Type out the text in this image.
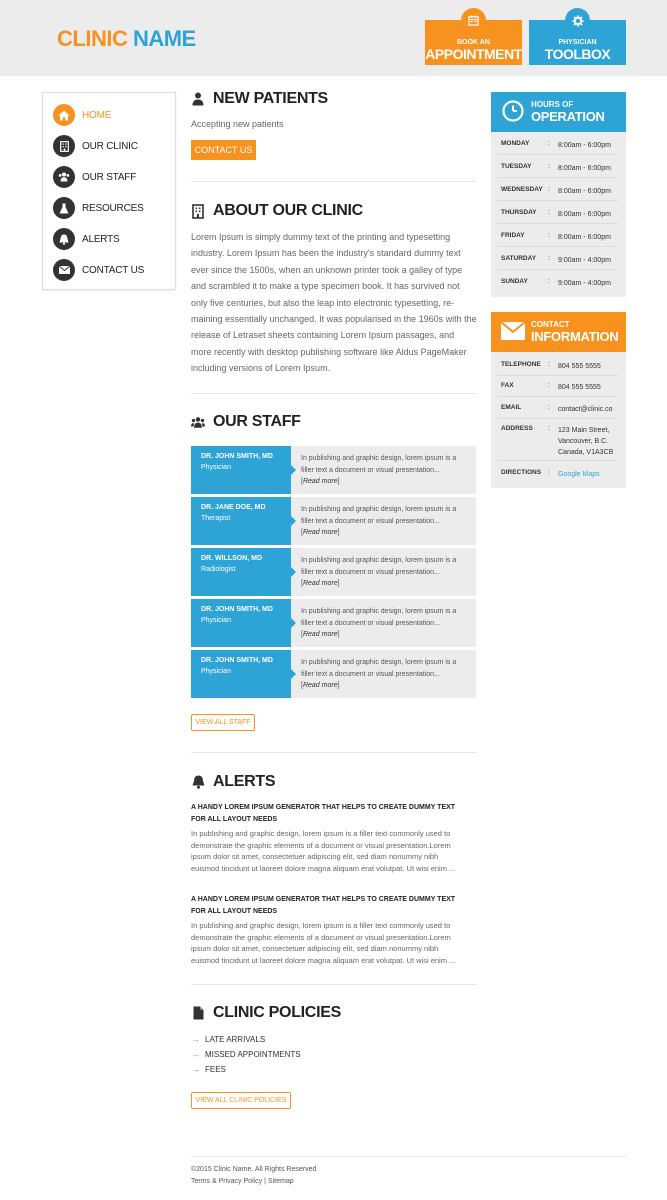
CLINIC NAME	BOOK AN
APPOINTMENT
PHYSICIAN
TOOLBOX
HOME
OUR CLINIC
OUR STAFF
RESOURCES
ALERTS
CONTACT US
NEW PATIENTS
Accepting new patients
CONTACT US
ABOUT OUR CLINIC
Lorem Ipsum is simply dummy text of the printing and typesetting industry. Lorem Ipsum has been the industry's standard dummy text ever since the 1500s, when an unknown printer took a galley of type and scrambled it to make a type specimen book. It has survived not only five centuries, but also the leap into electronic typesetting, re-maining essentially unchanged. It was popularised in the 1960s with the release of Letraset sheets containing Lorem Ipsum passages, and more recently with desktop publishing software like Aldus PageMaker including versions of Lorem Ipsum.
OUR STAFF
DR. JOHN SMITH, MD
Physician
In publishing and graphic design, lorem ipsum is a filler text a document or visual presentation...
[Read more]
DR. JANE DOE, MD
Therapist
In publishing and graphic design, lorem ipsum is a filler text a document or visual presentation...
[Read more]
DR. WILLSON, MD
Radiologist
In publishing and graphic design, lorem ipsum is a filler text a document or visual presentation...
[Read more]
DR. JOHN SMITH, MD
Physician
In publishing and graphic design, lorem ipsum is a filler text a document or visual presentation...
[Read more]
DR. JOHN SMITH, MD
Physician
In publishing and graphic design, lorem ipsum is a filler text a document or visual presentation...
[Read more]
VIEW ALL STAFF
ALERTS
A HANDY LOREM IPSUM GENERATOR THAT HELPS TO CREATE DUMMY TEXT FOR ALL LAYOUT NEEDS
In publishing and graphic design, lorem ipsum is a filler text commonly used to demonstrate the graphic elements of a document or visual presentation.Lorem ipsum dolor sit amet, consectetuer adipiscing elit, sed diam nonummy nibh euismod tincidunt ut laoreet dolore magna aliquam erat volutpat. Ut wisi enim ...
A HANDY LOREM IPSUM GENERATOR THAT HELPS TO CREATE DUMMY TEXT FOR ALL LAYOUT NEEDS
In publishing and graphic design, lorem ipsum is a filler text commonly used to demonstrate the graphic elements of a document or visual presentation.Lorem ipsum dolor sit amet, consectetuer adipiscing elit, sed diam nonummy nibh euismod tincidunt ut laoreet dolore magna aliquam erat volutpat. Ut wisi enim ...
CLINIC POLICIES
→ LATE ARRIVALS
→ MISSED APPOINTMENTS
→ FEES
VIEW ALL CLINIC POLICIES
©2015 Clinic Name. All Rights Reserved
Terms & Privacy Policy | Sitemap
HOURS OF
OPERATION
MONDAY	: 8:00am - 6:00pm
TUESDAY : 8:00am - 6:00pm
WEDNESDAY : 8:00am - 6:00pm
THURSDAY : 8:00am - 6:00pm
FRIDAY	: 8:00am - 6:00pm
SATURDAY : 9:00am - 4:00pm
SUNDAY	: 9:00am - 4:00pm
CONTACT
INFORMATION
TELEPHONE : 804 555 5555
FAX	: 804 555 5555
EMAIL	: contact@clinic.co
ADDRESS : 123 Main Street, Vancouver, B.C. Canada, V1A3CB
DIRECTIONS : Google Maps
